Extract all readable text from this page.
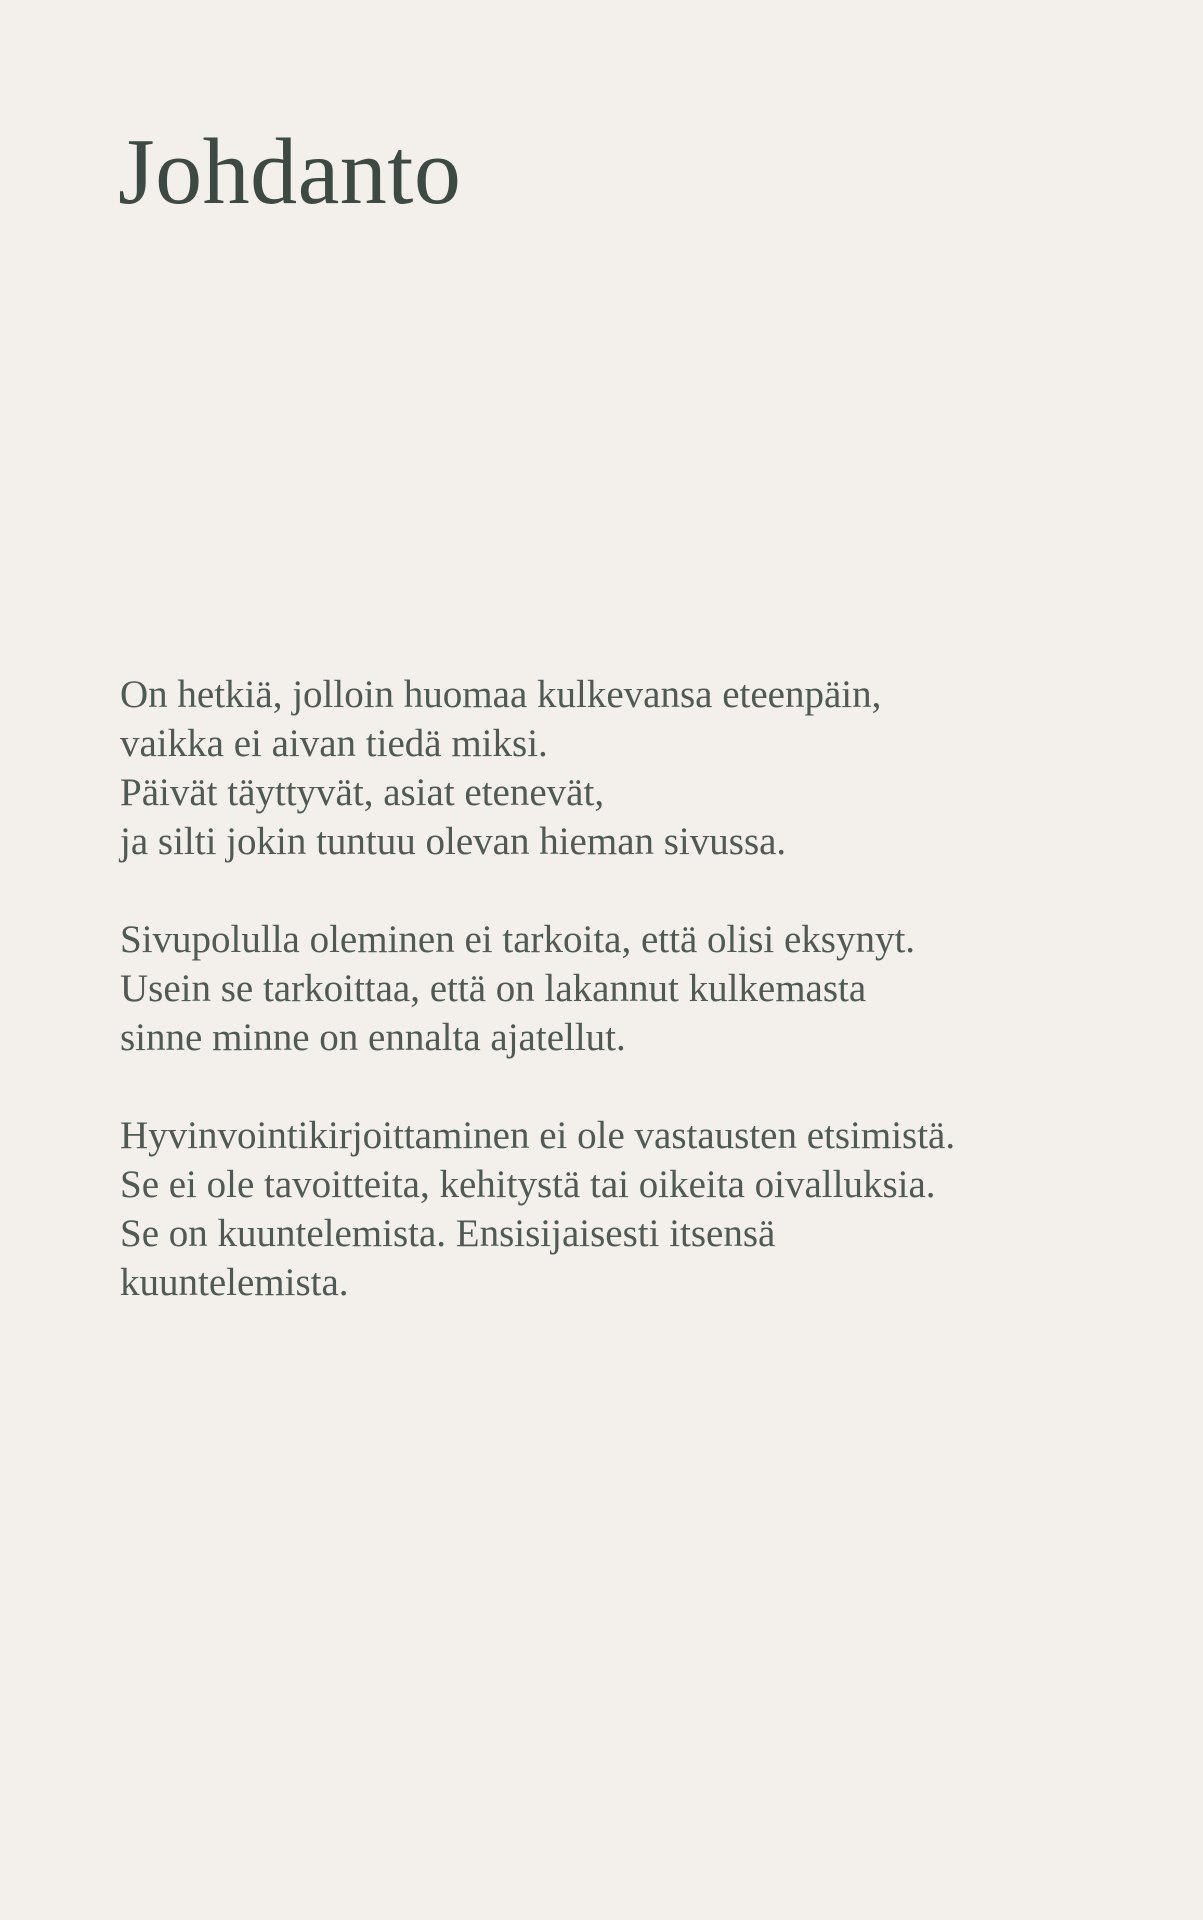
Johdanto

On hetkiä, jolloin huomaa kulkevansa eteenpäin,
vaikka ei aivan tiedä miksi.
Päivät täyttyvät, asiat etenevät,
ja silti jokin tuntuu olevan hieman sivussa.

Sivupolulla oleminen ei tarkoita, että olisi eksynyt.
Usein se tarkoittaa, että on lakannut kulkemasta
sinne minne on ennalta ajatellut.

Hyvinvointikirjoittaminen ei ole vastausten etsimistä.
Se ei ole tavoitteita, kehitystä tai oikeita oivalluksia.
Se on kuuntelemista. Ensisijaisesti itsensä
kuuntelemista.
